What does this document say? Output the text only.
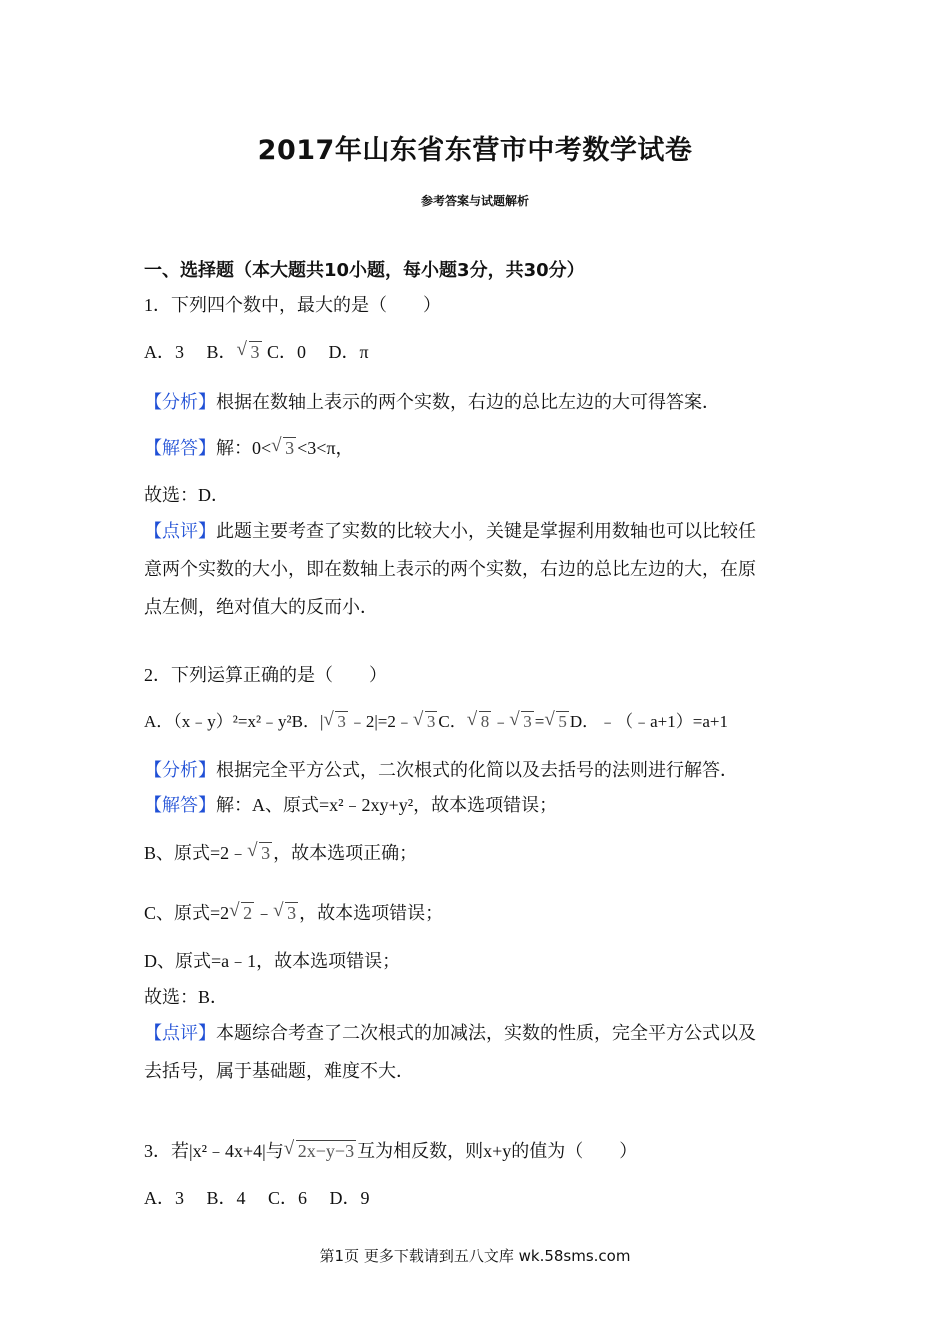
2017年山东省东营市中考数学试卷
参考答案与试题解析
一、选择题（本大题共10小题，每小题3分，共30分）
1．下列四个数中，最大的是（　　）
A．3　 B． √ 3 C．0　 D．π
【分析】根据在数轴上表示的两个实数，右边的总比左边的大可得答案．
【解答】解：0< √ 3 <3<π，
故选：D．
【点评】此题主要考查了实数的比较大小，关键是掌握利用数轴也可以比较任
意两个实数的大小，即在数轴上表示的两个实数，右边的总比左边的大，在原
点左侧，绝对值大的反而小．
2．下列运算正确的是（　　）
A．（x﹣y）²=x²﹣y²B．| √ 3 ﹣2|=2﹣ √ 3 C． √ 8 ﹣ √ 3 = √ 5 D．﹣（﹣a+1）=a+1
【分析】根据完全平方公式，二次根式的化简以及去括号的法则进行解答．
【解答】解：A、原式=x²﹣2xy+y²，故本选项错误；
B、原式=2﹣ √ 3 ，故本选项正确；
C、原式=2 √ 2 ﹣ √ 3 ，故本选项错误；
D、原式=a﹣1，故本选项错误；
故选：B．
【点评】本题综合考查了二次根式的加减法，实数的性质，完全平方公式以及
去括号，属于基础题，难度不大．
3．若|x²﹣4x+4|与 √ 2x−y−3 互为相反数，则x+y的值为（　　）
A．3　 B．4　 C．6　 D．9
第1页 更多下载请到五八文库 wk.58sms.com
